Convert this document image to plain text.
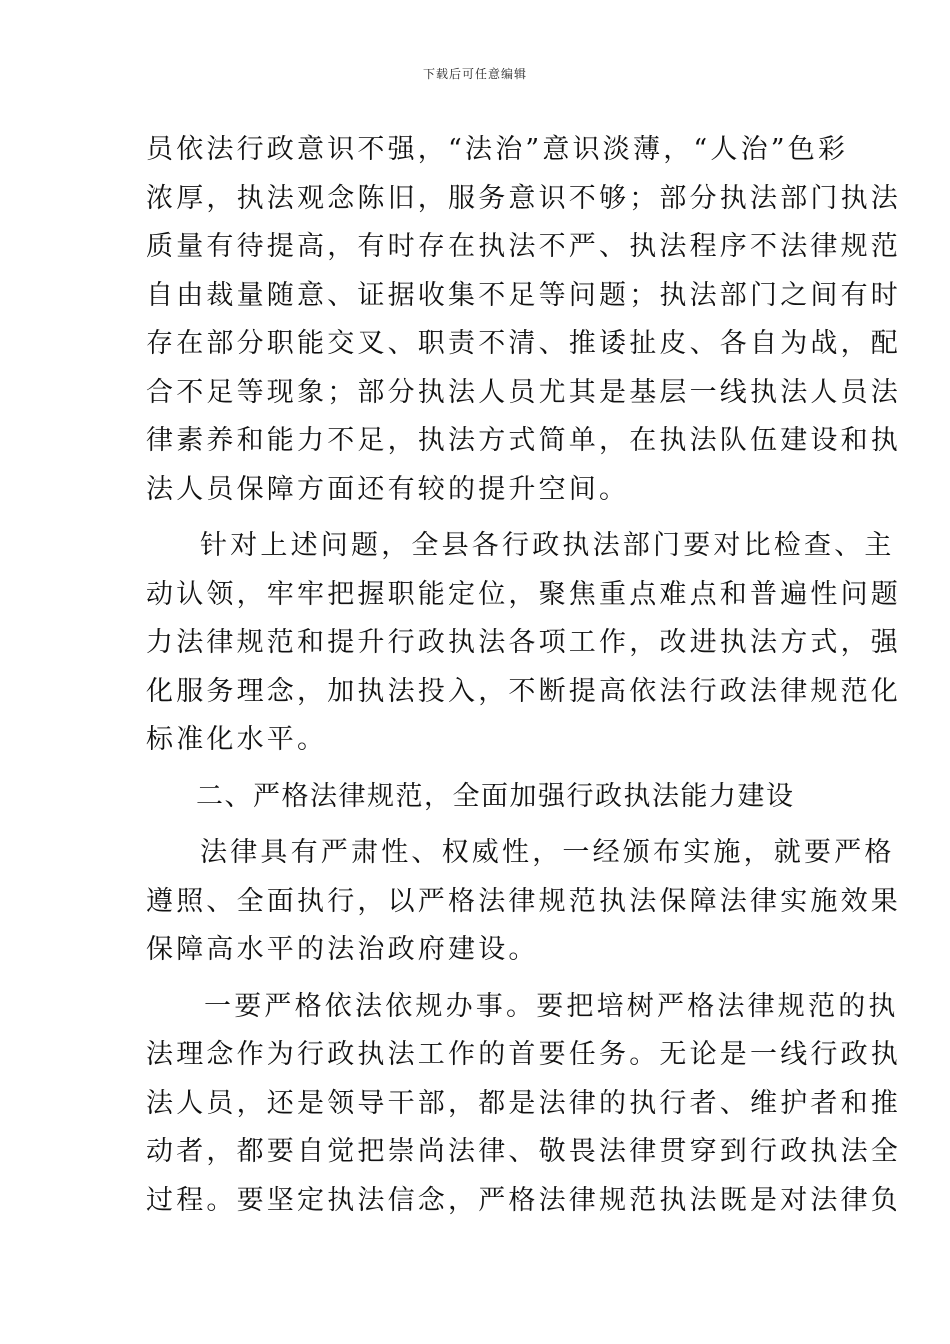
下载后可任意编辑
员依法行政意识不强，“法治”意识淡薄，“人治”色彩
浓厚，执法观念陈旧，服务意识不够；部分执法部门执法
质量有待提高，有时存在执法不严、执法程序不法律规范
自由裁量随意、证据收集不足等问题；执法部门之间有时
存在部分职能交叉、职责不清、推诿扯皮、各自为战，配
合不足等现象；部分执法人员尤其是基层一线执法人员法
律素养和能力不足，执法方式简单，在执法队伍建设和执
法人员保障方面还有较的提升空间。
针对上述问题，全县各行政执法部门要对比检查、主
动认领，牢牢把握职能定位，聚焦重点难点和普遍性问题
力法律规范和提升行政执法各项工作，改进执法方式，强
化服务理念，加执法投入，不断提高依法行政法律规范化
标准化水平。
二、严格法律规范，全面加强行政执法能力建设
法律具有严肃性、权威性，一经颁布实施，就要严格
遵照、全面执行，以严格法律规范执法保障法律实施效果
保障高水平的法治政府建设。
一要严格依法依规办事。要把培树严格法律规范的执
法理念作为行政执法工作的首要任务。无论是一线行政执
法人员，还是领导干部，都是法律的执行者、维护者和推
动者，都要自觉把崇尚法律、敬畏法律贯穿到行政执法全
过程。要坚定执法信念，严格法律规范执法既是对法律负
